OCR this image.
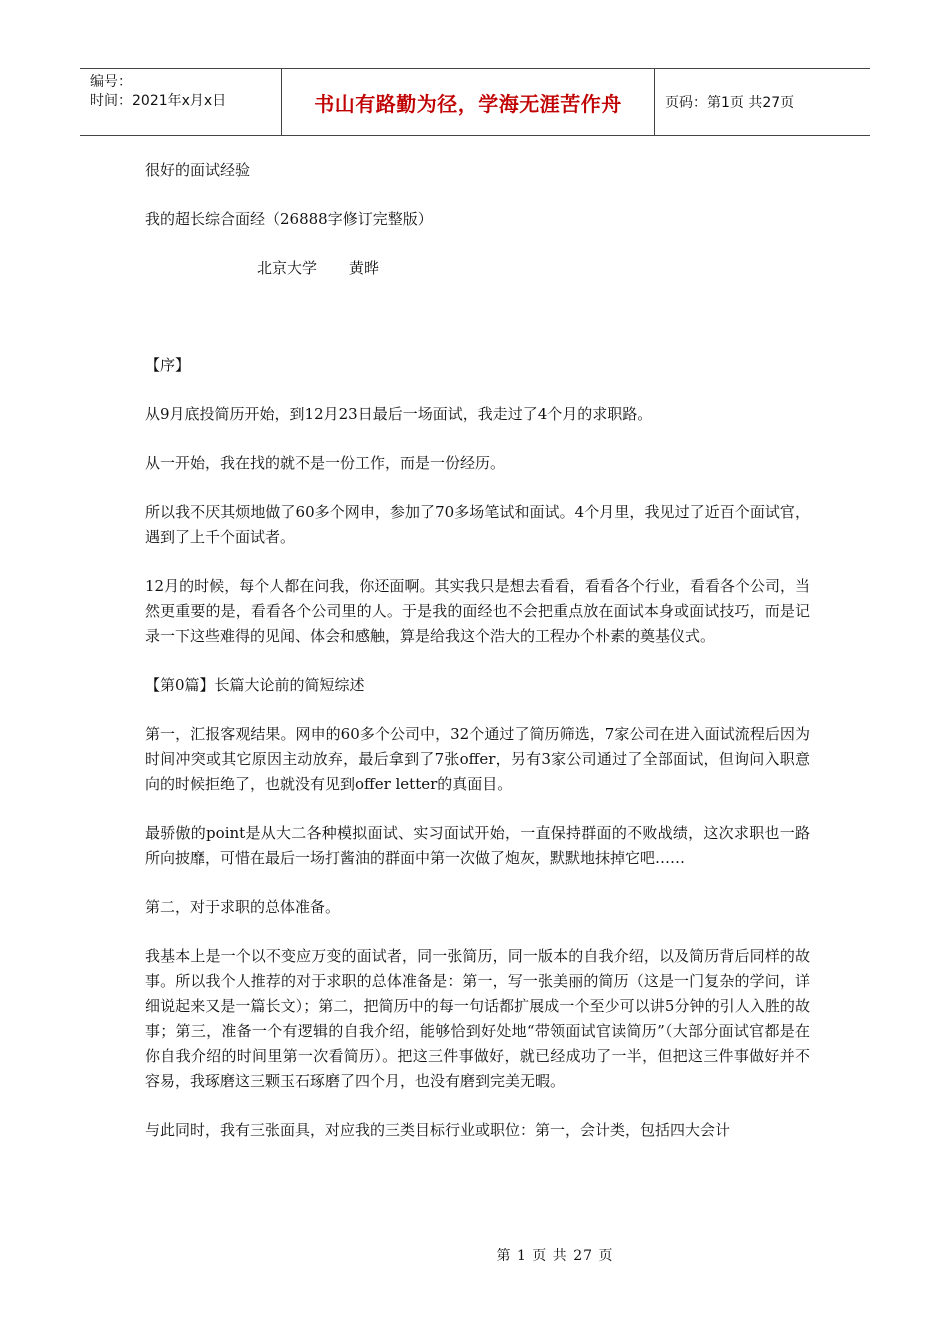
编号：
时间：2021年x月x日	书山有路勤为径，学海无涯苦作舟	页码：第1页 共27页

很好的面试经验

我的超长综合面经（26888字修订完整版）

北京大学 黄晔

【序】

从9月底投简历开始，到12月23日最后一场面试，我走过了4个月的求职路。

从一开始，我在找的就不是一份工作，而是一份经历。

所以我不厌其烦地做了60多个网申，参加了70多场笔试和面试。4个月里，我见过了近百个面试官，遇到了上千个面试者。

12月的时候，每个人都在问我，你还面啊。其实我只是想去看看，看看各个行业，看看各个公司，当然更重要的是，看看各个公司里的人。于是我的面经也不会把重点放在面试本身或面试技巧，而是记录一下这些难得的见闻、体会和感触，算是给我这个浩大的工程办个朴素的奠基仪式。

【第0篇】长篇大论前的简短综述

第一，汇报客观结果。网申的60多个公司中，32个通过了简历筛选，7家公司在进入面试流程后因为时间冲突或其它原因主动放弃，最后拿到了7张offer，另有3家公司通过了全部面试，但询问入职意向的时候拒绝了，也就没有见到offer letter的真面目。

最骄傲的point是从大二各种模拟面试、实习面试开始，一直保持群面的不败战绩，这次求职也一路所向披靡，可惜在最后一场打酱油的群面中第一次做了炮灰，默默地抹掉它吧……

第二，对于求职的总体准备。

我基本上是一个以不变应万变的面试者，同一张简历，同一版本的自我介绍，以及简历背后同样的故事。所以我个人推荐的对于求职的总体准备是：第一，写一张美丽的简历（这是一门复杂的学问，详细说起来又是一篇长文）；第二，把简历中的每一句话都扩展成一个至少可以讲5分钟的引人入胜的故事；第三，准备一个有逻辑的自我介绍，能够恰到好处地“带领面试官读简历”（大部分面试官都是在你自我介绍的时间里第一次看简历）。把这三件事做好，就已经成功了一半，但把这三件事做好并不容易，我琢磨这三颗玉石琢磨了四个月，也没有磨到完美无暇。

与此同时，我有三张面具，对应我的三类目标行业或职位：第一，会计类，包括四大会计

第 1 页 共 27 页
